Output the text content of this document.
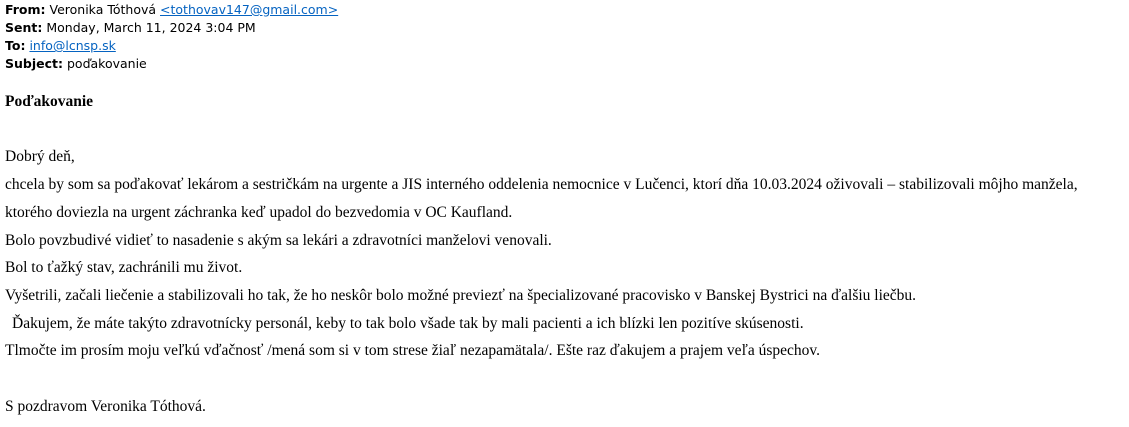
From: Veronika Tóthová <tothovav147@gmail.com>
Sent: Monday, March 11, 2024 3:04 PM
To: info@lcnsp.sk
Subject: poďakovanie
Poďakovanie
Dobrý deň,
chcela by som sa poďakovať lekárom a sestričkám na urgente a JIS interného oddelenia nemocnice v Lučenci, ktorí dňa 10.03.2024 oživovali – stabilizovali môjho manžela,
ktorého doviezla na urgent záchranka keď upadol do bezvedomia v OC Kaufland.
Bolo povzbudivé vidieť to nasadenie s akým sa lekári a zdravotníci manželovi venovali.
Bol to ťažký stav, zachránili mu život.
Vyšetrili, začali liečenie a stabilizovali ho tak, že ho neskôr bolo možné previezť na špecializované pracovisko v Banskej Bystrici na ďalšiu liečbu.
Ďakujem, že máte takýto zdravotnícky personál, keby to tak bolo všade tak by mali pacienti a ich blízki len pozitíve skúsenosti.
Tlmočte im prosím moju veľkú vďačnosť /mená som si v tom strese žiaľ nezapamätala/. Ešte raz ďakujem a prajem veľa úspechov.
S pozdravom Veronika Tóthová.
